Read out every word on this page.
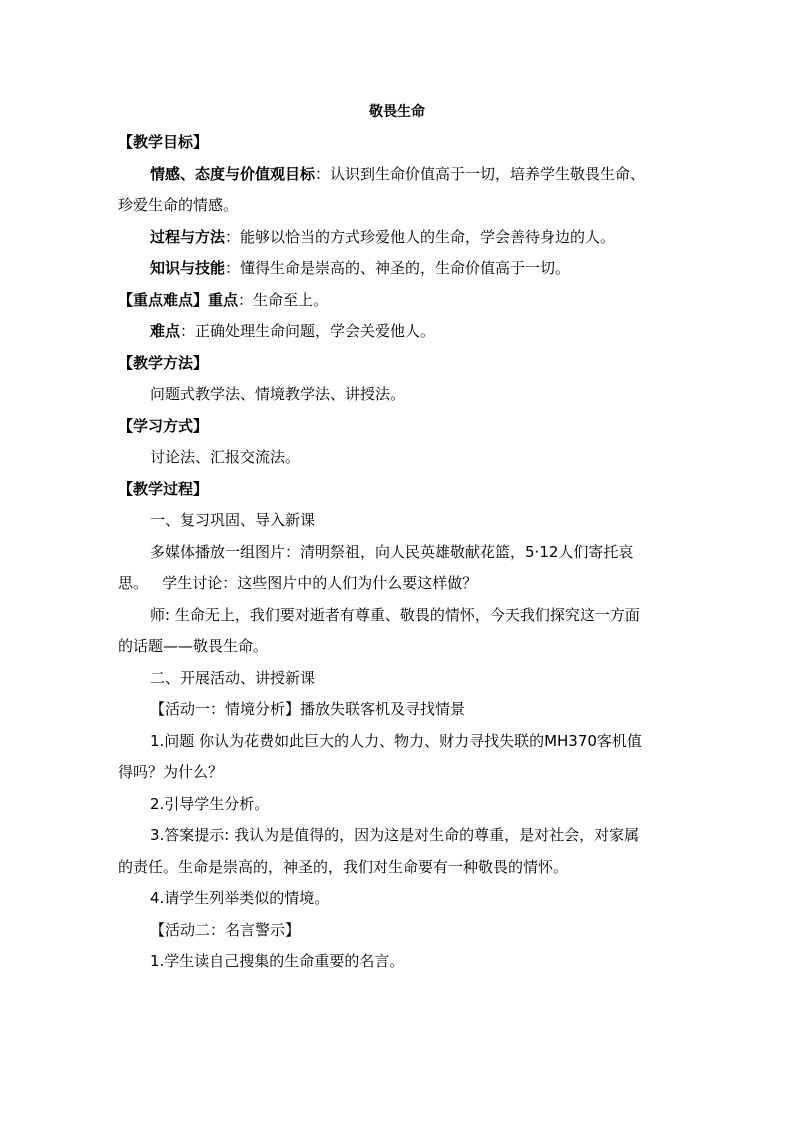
敬畏生命
【教学目标】
情感、态度与价值观目标：认识到生命价值高于一切，培养学生敬畏生命、
珍爱生命的情感。
过程与方法：能够以恰当的方式珍爱他人的生命，学会善待身边的人。
知识与技能：懂得生命是崇高的、神圣的，生命价值高于一切。
【重点难点】重点：生命至上。
难点：正确处理生命问题，学会关爱他人。
【教学方法】
问题式教学法、情境教学法、讲授法。
【学习方式】
讨论法、汇报交流法。
【教学过程】
一、复习巩固、导入新课
多媒体播放一组图片：清明祭祖，向人民英雄敬献花篮，5·12人们寄托哀
思。   学生讨论：这些图片中的人们为什么要这样做？
师: 生命无上，我们要对逝者有尊重、敬畏的情怀，今天我们探究这一方面
的话题——敬畏生命。
二、开展活动、讲授新课
【活动一：情境分析】播放失联客机及寻找情景
1.问题 你认为花费如此巨大的人力、物力、财力寻找失联的MH370客机值
得吗？为什么？
2.引导学生分析。
3.答案提示: 我认为是值得的，因为这是对生命的尊重，是对社会，对家属
的责任。生命是崇高的，神圣的，我们对生命要有一种敬畏的情怀。
4.请学生列举类似的情境。
【活动二：名言警示】
1.学生读自己搜集的生命重要的名言。
